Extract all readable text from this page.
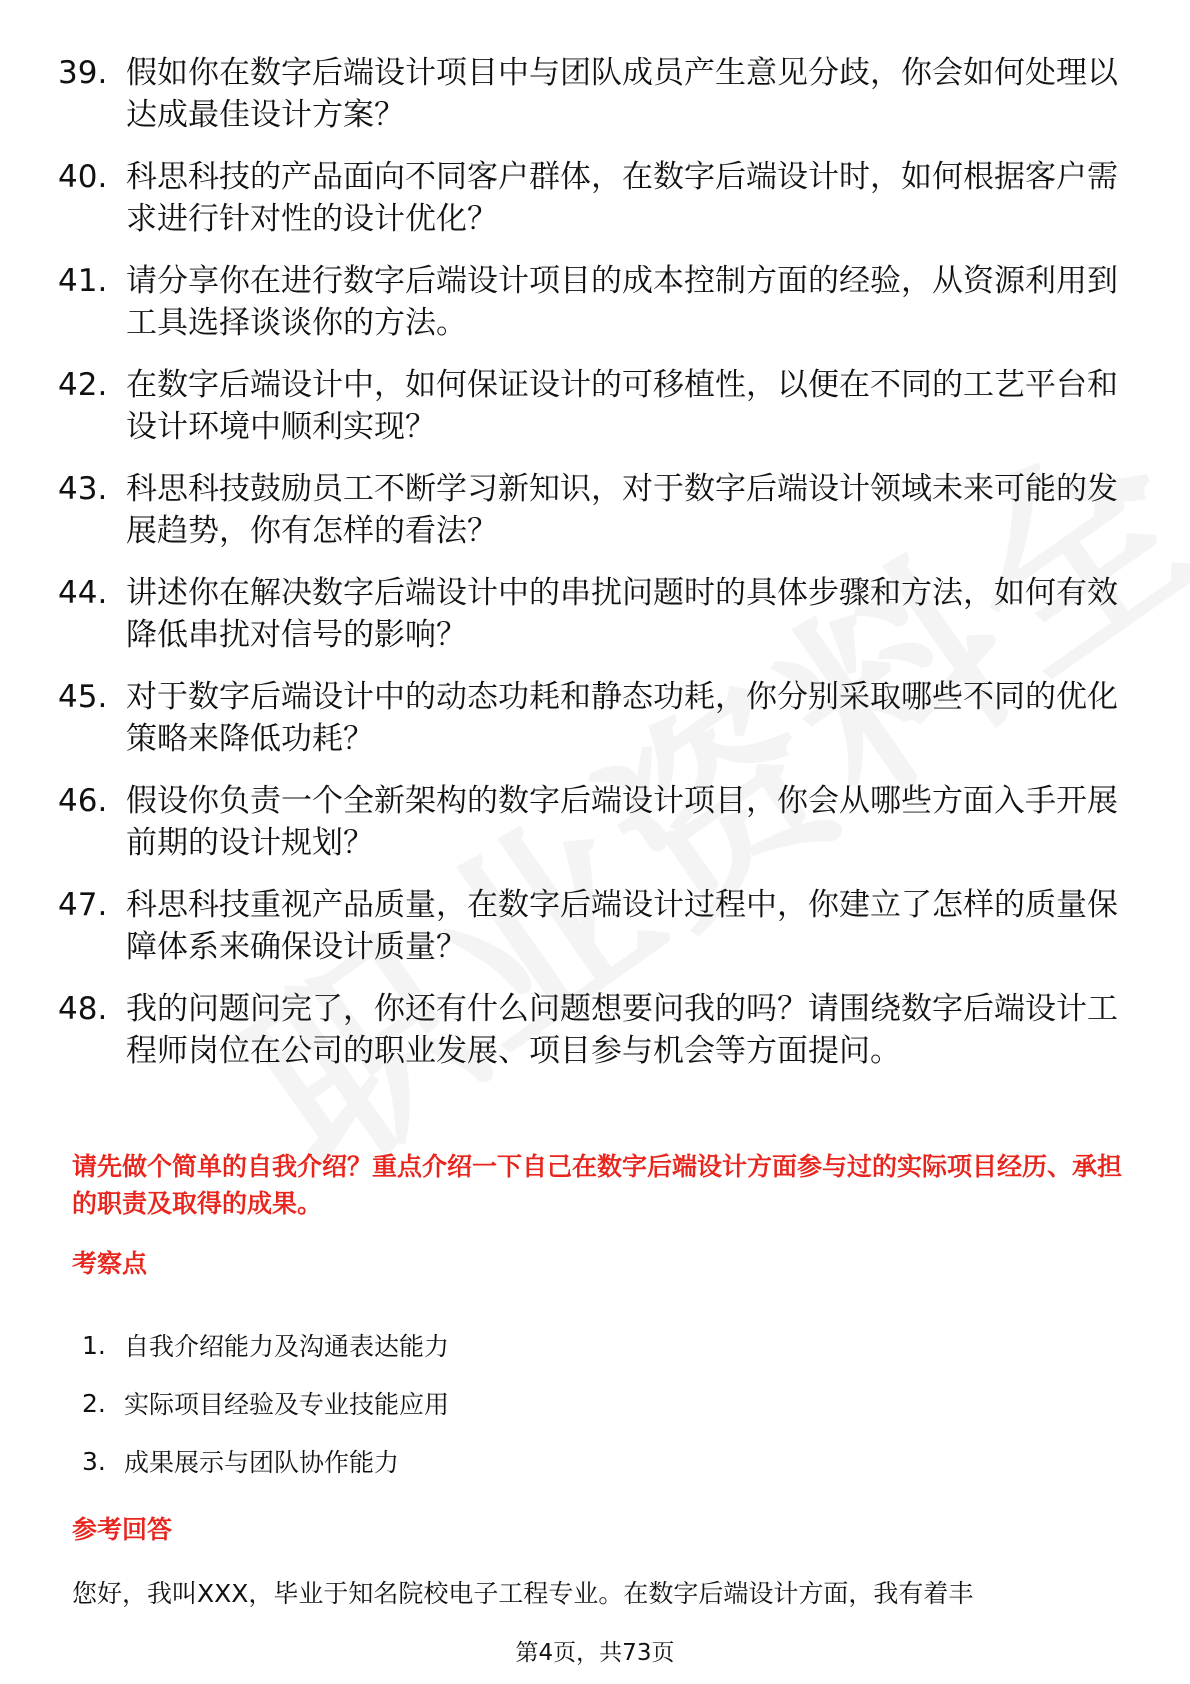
39. 假如你在数字后端设计项目中与团队成员产生意见分歧，你会如何处理以达成最佳设计方案？
40. 科思科技的产品面向不同客户群体，在数字后端设计时，如何根据客户需求进行针对性的设计优化？
41. 请分享你在进行数字后端设计项目的成本控制方面的经验，从资源利用到工具选择谈谈你的方法。
42. 在数字后端设计中，如何保证设计的可移植性，以便在不同的工艺平台和设计环境中顺利实现？
43. 科思科技鼓励员工不断学习新知识，对于数字后端设计领域未来可能的发展趋势，你有怎样的看法？
44. 讲述你在解决数字后端设计中的串扰问题时的具体步骤和方法，如何有效降低串扰对信号的影响？
45. 对于数字后端设计中的动态功耗和静态功耗，你分别采取哪些不同的优化策略来降低功耗？
46. 假设你负责一个全新架构的数字后端设计项目，你会从哪些方面入手开展前期的设计规划？
47. 科思科技重视产品质量，在数字后端设计过程中，你建立了怎样的质量保障体系来确保设计质量？
48. 我的问题问完了，你还有什么问题想要问我的吗？请围绕数字后端设计工程师岗位在公司的职业发展、项目参与机会等方面提问。
请先做个简单的自我介绍？重点介绍一下自己在数字后端设计方面参与过的实际项目经历、承担的职责及取得的成果。
考察点
1. 自我介绍能力及沟通表达能力
2. 实际项目经验及专业技能应用
3. 成果展示与团队协作能力
参考回答
您好，我叫XXX，毕业于知名院校电子工程专业。在数字后端设计方面，我有着丰
第4页，共73页
